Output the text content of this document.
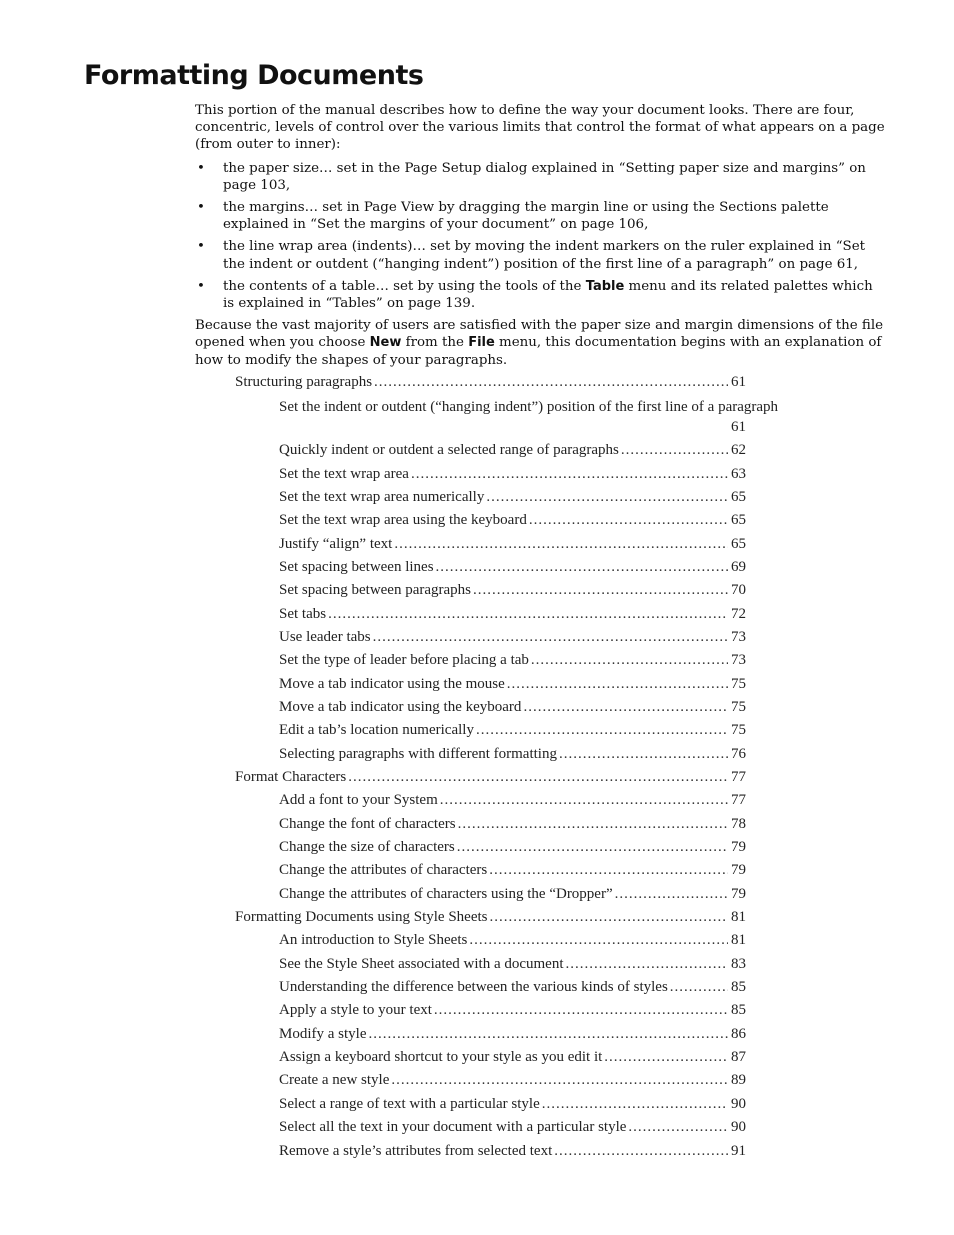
Formatting Documents

This portion of the manual describes how to define the way your document looks. There are four, concentric, levels of control over the various limits that control the format of what appears on a page (from outer to inner):

• the paper size… set in the Page Setup dialog explained in “Setting paper size and margins” on page 103,
• the margins… set in Page View by dragging the margin line or using the Sections palette explained in “Set the margins of your document” on page 106,
• the line wrap area (indents)… set by moving the indent markers on the ruler explained in “Set the indent or outdent (“hanging indent”) position of the first line of a paragraph” on page 61,
• the contents of a table… set by using the tools of the Table menu and its related palettes which is explained in “Tables” on page 139.

Because the vast majority of users are satisfied with the paper size and margin dimensions of the file opened when you choose New from the File menu, this documentation begins with an explanation of how to modify the shapes of your paragraphs.

Structuring paragraphs .....	61
Set the indent or outdent (“hanging indent”) position of the first line of a paragraph
61
Quickly indent or outdent a selected range of paragraphs .....	62
Set the text wrap area .....	63
Set the text wrap area numerically .....	65
Set the text wrap area using the keyboard .....	65
Justify “align” text .....	65
Set spacing between lines .....	69
Set spacing between paragraphs .....	70
Set tabs .....	72
Use leader tabs .....	73
Set the type of leader before placing a tab .....	73
Move a tab indicator using the mouse .....	75
Move a tab indicator using the keyboard .....	75
Edit a tab’s location numerically .....	75
Selecting paragraphs with different formatting .....	76
Format Characters .....	77
Add a font to your System .....	77
Change the font of characters .....	78
Change the size of characters .....	79
Change the attributes of characters .....	79
Change the attributes of characters using the “Dropper” .....	79
Formatting Documents using Style Sheets .....	81
An introduction to Style Sheets .....	81
See the Style Sheet associated with a document .....	83
Understanding the difference between the various kinds of styles .....	85
Apply a style to your text .....	85
Modify a style .....	86
Assign a keyboard shortcut to your style as you edit it .....	87
Create a new style .....	89
Select a range of text with a particular style .....	90
Select all the text in your document with a particular style .....	90
Remove a style’s attributes from selected text .....	91
